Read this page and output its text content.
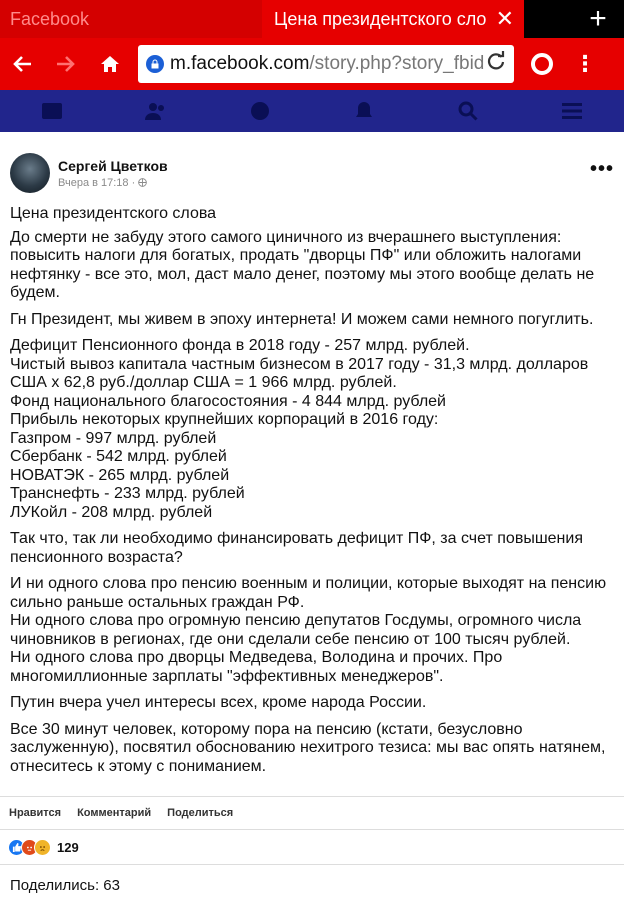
Facebook	Цена президентского сло ✕	+
m.facebook.com/story.php?story_fbid	⋮
Сергей Цветков
Вчера в 17:18 ·
•••

Цена президентского слова

До смерти не забуду этого самого циничного из вчерашнего выступления:
повысить налоги для богатых, продать "дворцы ПФ" или обложить налогами
нефтянку - все это, мол, даст мало денег, поэтому мы этого вообще делать не
будем.

Гн Президент, мы живем в эпоху интернета! И можем сами немного погуглить.

Дефицит Пенсионного фонда в 2018 году - 257 млрд. рублей.
Чистый вывоз капитала частным бизнесом в 2017 году - 31,3 млрд. долларов
США х 62,8 руб./доллар США = 1 966 млрд. рублей.
Фонд национального благосостояния - 4 844 млрд. рублей
Прибыль некоторых крупнейших корпораций в 2016 году:
Газпром - 997 млрд. рублей
Сбербанк - 542 млрд. рублей
НОВАТЭК - 265 млрд. рублей
Транснефть - 233 млрд. рублей
ЛУКойл - 208 млрд. рублей

Так что, так ли необходимо финансировать дефицит ПФ, за счет повышения
пенсионного возраста?

И ни одного слова про пенсию военным и полиции, которые выходят на пенсию
сильно раньше остальных граждан РФ.
Ни одного слова про огромную пенсию депутатов Госдумы, огромного числа
чиновников в регионах, где они сделали себе пенсию от 100 тысяч рублей.
Ни одного слова про дворцы Медведева, Володина и прочих. Про
многомиллионные зарплаты "эффективных менеджеров".

Путин вчера учел интересы всех, кроме народа России.

Все 30 минут человек, которому пора на пенсию (кстати, безусловно
заслуженную), посвятил обоснованию нехитрого тезиса: мы вас опять натянем,
отнеситесь к этому с пониманием.

Нравится Комментарий Поделиться
129
Поделились: 63
